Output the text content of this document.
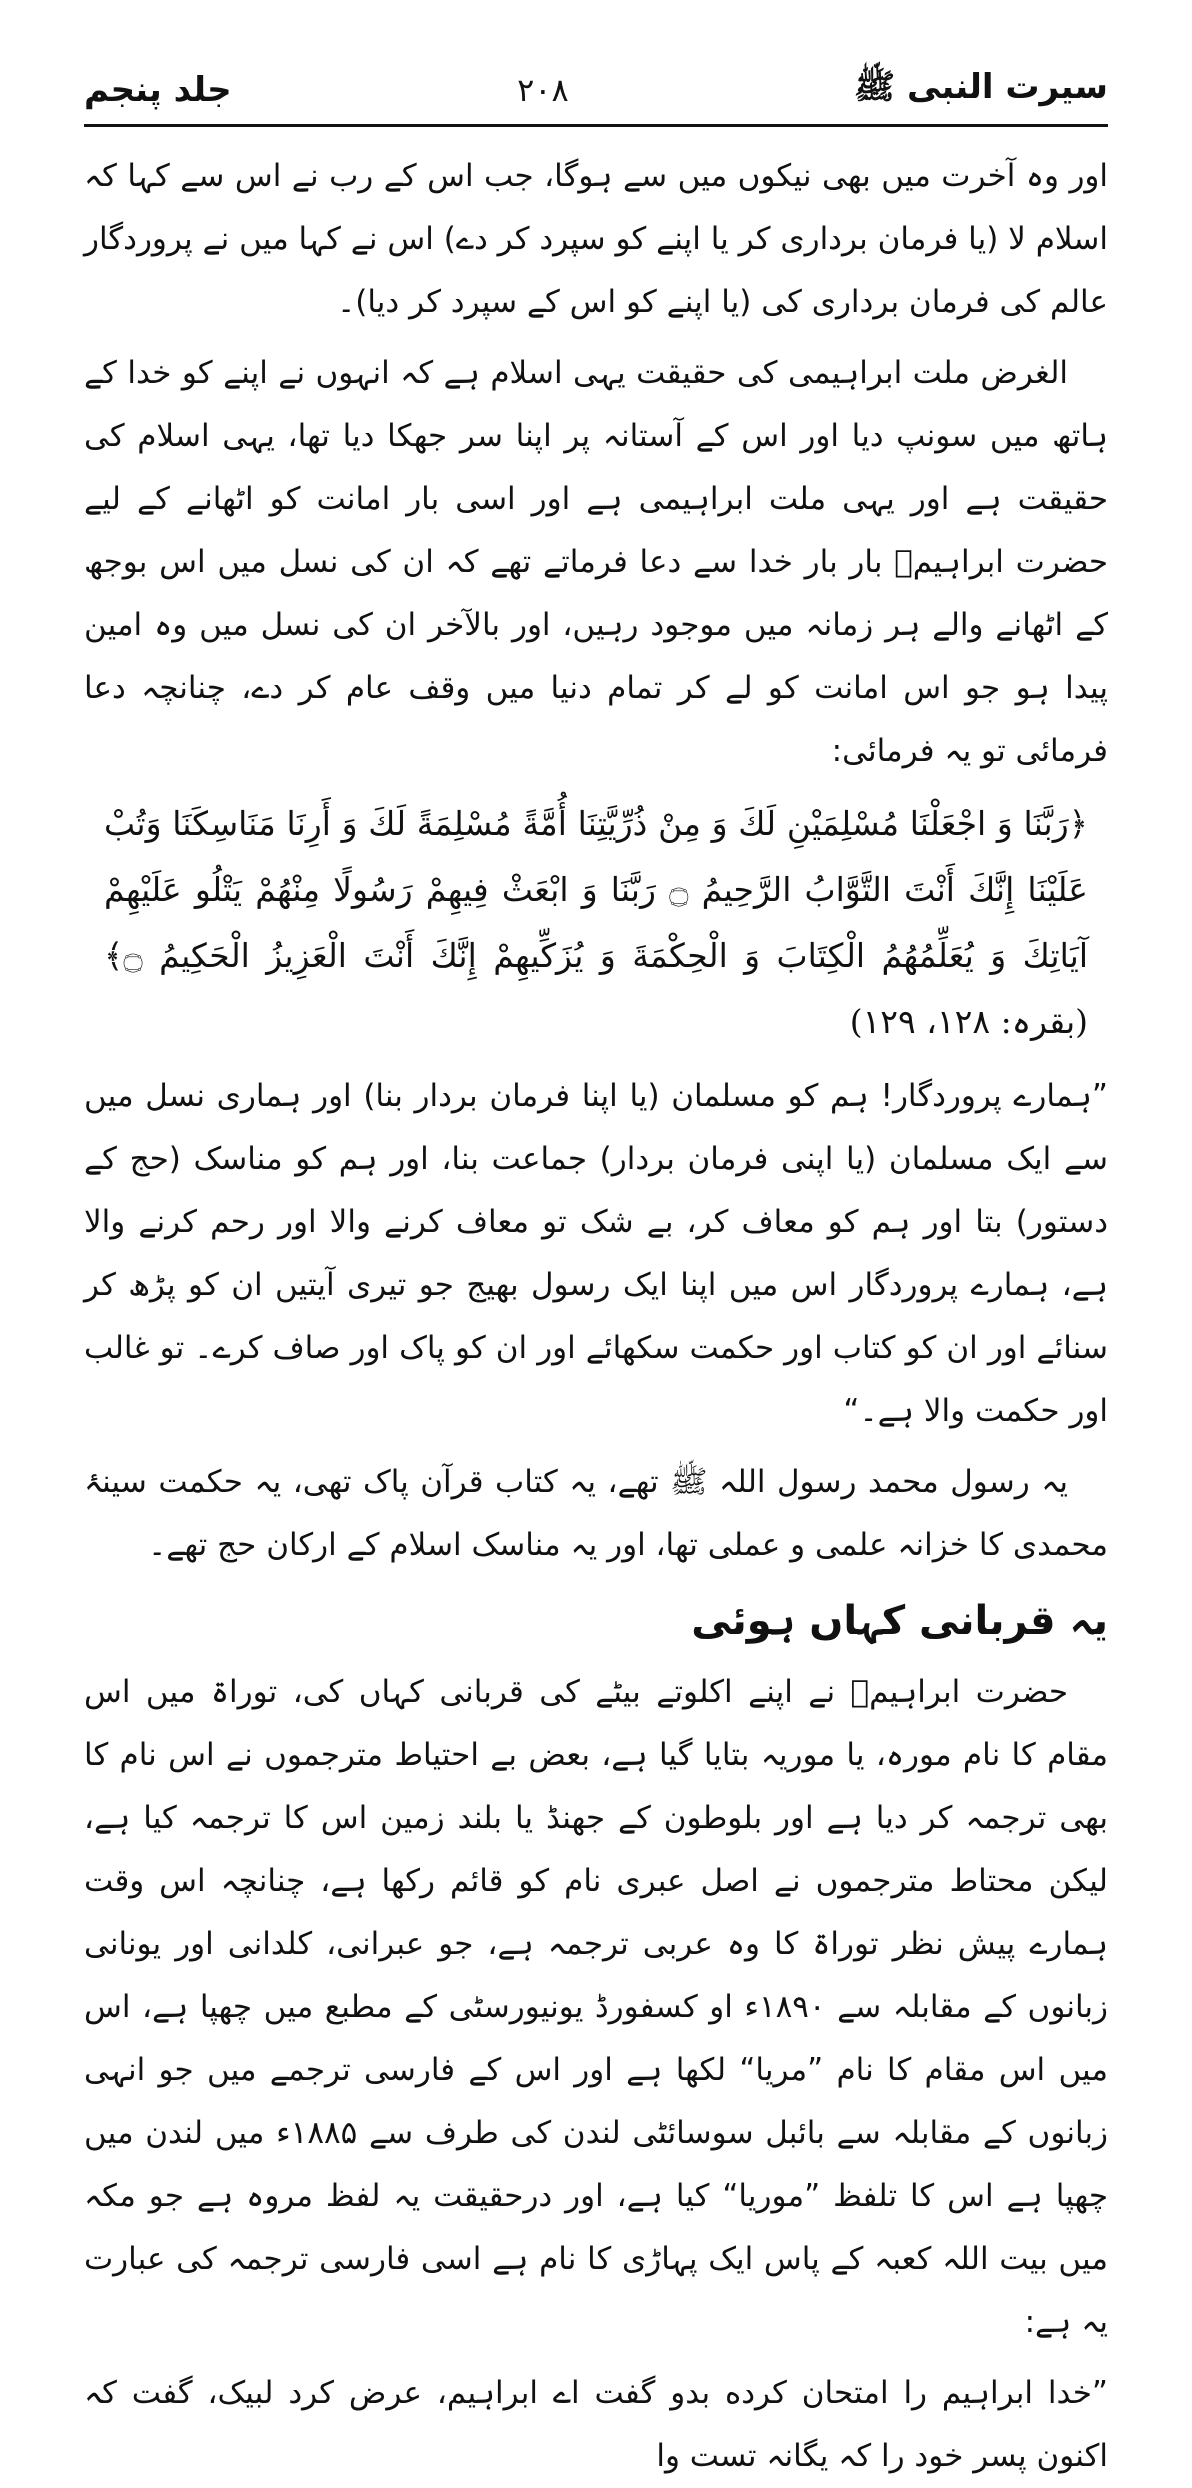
سیرت النبی ﷺ
۲۰۸
جلد پنجم

اور وہ آخرت میں بھی نیکوں میں سے ہوگا، جب اس کے رب نے اس سے کہا کہ اسلام لا (یا فرمان برداری کر یا اپنے کو سپرد کر دے) اس نے کہا میں نے پروردگار عالم کی فرمان برداری کی (یا اپنے کو اس کے سپرد کر دیا)۔

الغرض ملت ابراہیمی کی حقیقت یہی اسلام ہے کہ انہوں نے اپنے کو خدا کے ہاتھ میں سونپ دیا اور اس کے آستانہ پر اپنا سر جھکا دیا تھا، یہی اسلام کی حقیقت ہے اور یہی ملت ابراہیمی ہے اور اسی بار امانت کو اٹھانے کے لیے حضرت ابراہیمؑ بار بار خدا سے دعا فرماتے تھے کہ ان کی نسل میں اس بوجھ کے اٹھانے والے ہر زمانہ میں موجود رہیں، اور بالآخر ان کی نسل میں وہ امین پیدا ہو جو اس امانت کو لے کر تمام دنیا میں وقف عام کر دے، چنانچہ دعا فرمائی تو یہ فرمائی:

﴿رَبَّنَا وَ اجْعَلْنَا مُسْلِمَيْنِ لَكَ وَ مِنْ ذُرِّيَّتِنَا أُمَّةً مُسْلِمَةً لَكَ وَ أَرِنَا مَنَاسِكَنَا وَتُبْ عَلَيْنَا إِنَّكَ أَنْتَ التَّوَّابُ الرَّحِيمُ ۝ رَبَّنَا وَ ابْعَثْ فِيهِمْ رَسُولًا مِنْهُمْ يَتْلُو عَلَيْهِمْ آيَاتِكَ وَ يُعَلِّمُهُمُ الْكِتَابَ وَ الْحِكْمَةَ وَ يُزَكِّيهِمْ إِنَّكَ أَنْتَ الْعَزِيزُ الْحَكِيمُ ۝﴾ (بقرہ: ۱۲۸، ۱۲۹)

”ہمارے پروردگار! ہم کو مسلمان (یا اپنا فرمان بردار بنا) اور ہماری نسل میں سے ایک مسلمان (یا اپنی فرمان بردار) جماعت بنا، اور ہم کو مناسک (حج کے دستور) بتا اور ہم کو معاف کر، بے شک تو معاف کرنے والا اور رحم کرنے والا ہے، ہمارے پروردگار اس میں اپنا ایک رسول بھیج جو تیری آیتیں ان کو پڑھ کر سنائے اور ان کو کتاب اور حکمت سکھائے اور ان کو پاک اور صاف کرے۔ تو غالب اور حکمت والا ہے۔“

یہ رسول محمد رسول اللہ ﷺ تھے، یہ کتاب قرآن پاک تھی، یہ حکمت سینۂ محمدی کا خزانہ علمی و عملی تھا، اور یہ مناسک اسلام کے ارکان حج تھے۔

یہ قربانی کہاں ہوئی

حضرت ابراہیمؑ نے اپنے اکلوتے بیٹے کی قربانی کہاں کی، توراۃ میں اس مقام کا نام مورہ، یا موریہ بتایا گیا ہے، بعض بے احتیاط مترجموں نے اس نام کا بھی ترجمہ کر دیا ہے اور بلوطون کے جھنڈ یا بلند زمین اس کا ترجمہ کیا ہے، لیکن محتاط مترجموں نے اصل عبری نام کو قائم رکھا ہے، چنانچہ اس وقت ہمارے پیش نظر توراۃ کا وہ عربی ترجمہ ہے، جو عبرانی، کلدانی اور یونانی زبانوں کے مقابلہ سے ۱۸۹۰ء او کسفورڈ یونیورسٹی کے مطبع میں چھپا ہے، اس میں اس مقام کا نام ”مریا“ لکھا ہے اور اس کے فارسی ترجمے میں جو انہی زبانوں کے مقابلہ سے بائبل سوسائٹی لندن کی طرف سے ۱۸۸۵ء میں لندن میں چھپا ہے اس کا تلفظ ”موریا“ کیا ہے، اور درحقیقت یہ لفظ مروہ ہے جو مکہ میں بیت اللہ کعبہ کے پاس ایک پہاڑی کا نام ہے اسی فارسی ترجمہ کی عبارت یہ ہے:

”خدا ابراہیم را امتحان کرده بدو گفت اے ابراہیم، عرض کرد لبیک، گفت کہ اکنون پسر خود را کہ یگانہ تست وا
